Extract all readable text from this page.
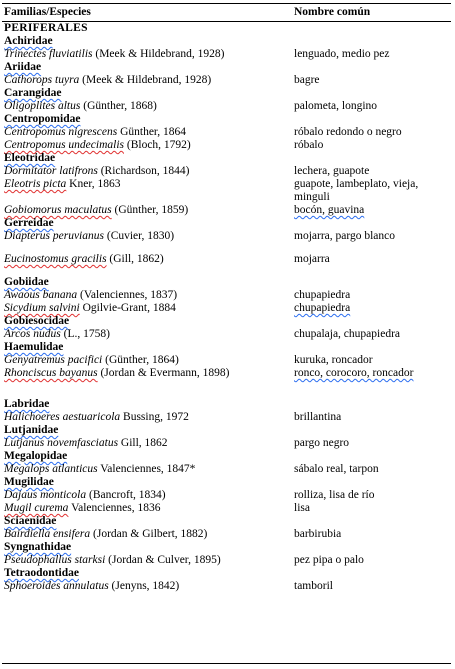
Familias/Especies	Nombre común
PERIFERALES
Achiridae
Trinectes fluviatilis (Meek & Hildebrand, 1928)	lenguado, medio pez
Ariidae
Cathorops tuyra (Meek & Hildebrand, 1928)	bagre
Carangidae
Oligoplites altus (Günther, 1868)	palometa, longino
Centropomidae
Centropomus nigrescens Günther, 1864	róbalo redondo o negro
Centropomus undecimalis (Bloch, 1792)	róbalo
Eleotridae
Dormitator latifrons (Richardson, 1844)	lechera, guapote
Eleotris picta Kner, 1863	guapote, lambeplato, vieja, minguli
Gobiomorus maculatus (Günther, 1859)	bocón, guavina
Gerreidae
Diapterus peruvianus (Cuvier, 1830)	mojarra, pargo blanco
Eucinostomus gracilis (Gill, 1862)	mojarra
Gobiidae
Awaous banana (Valenciennes, 1837)	chupapiedra
Sicydium salvini Ogilvie-Grant, 1884	chupapiedra
Gobiesocidae
Arcos nudus (L., 1758)	chupalaja, chupapiedra
Haemulidae
Genyatremus pacifici (Günther, 1864)	kuruka, roncador
Rhonciscus bayanus (Jordan & Evermann, 1898)	ronco, corocoro, roncador
Labridae
Halichoeres aestuaricola Bussing, 1972	brillantina
Lutjanidae
Lutjanus novemfasciatus Gill, 1862	pargo negro
Megalopidae
Megalops atlanticus Valenciennes, 1847*	sábalo real, tarpon
Mugilidae
Dajaus monticola (Bancroft, 1834)	rolliza, lisa de río
Mugil curema Valenciennes, 1836	lisa
Sciaenidae
Bairdiella ensifera (Jordan & Gilbert, 1882)	barbirubia
Syngnathidae
Pseudophallus starksi (Jordan & Culver, 1895)	pez pipa o palo
Tetraodontidae
Sphoeroides annulatus (Jenyns, 1842)	tamboril
